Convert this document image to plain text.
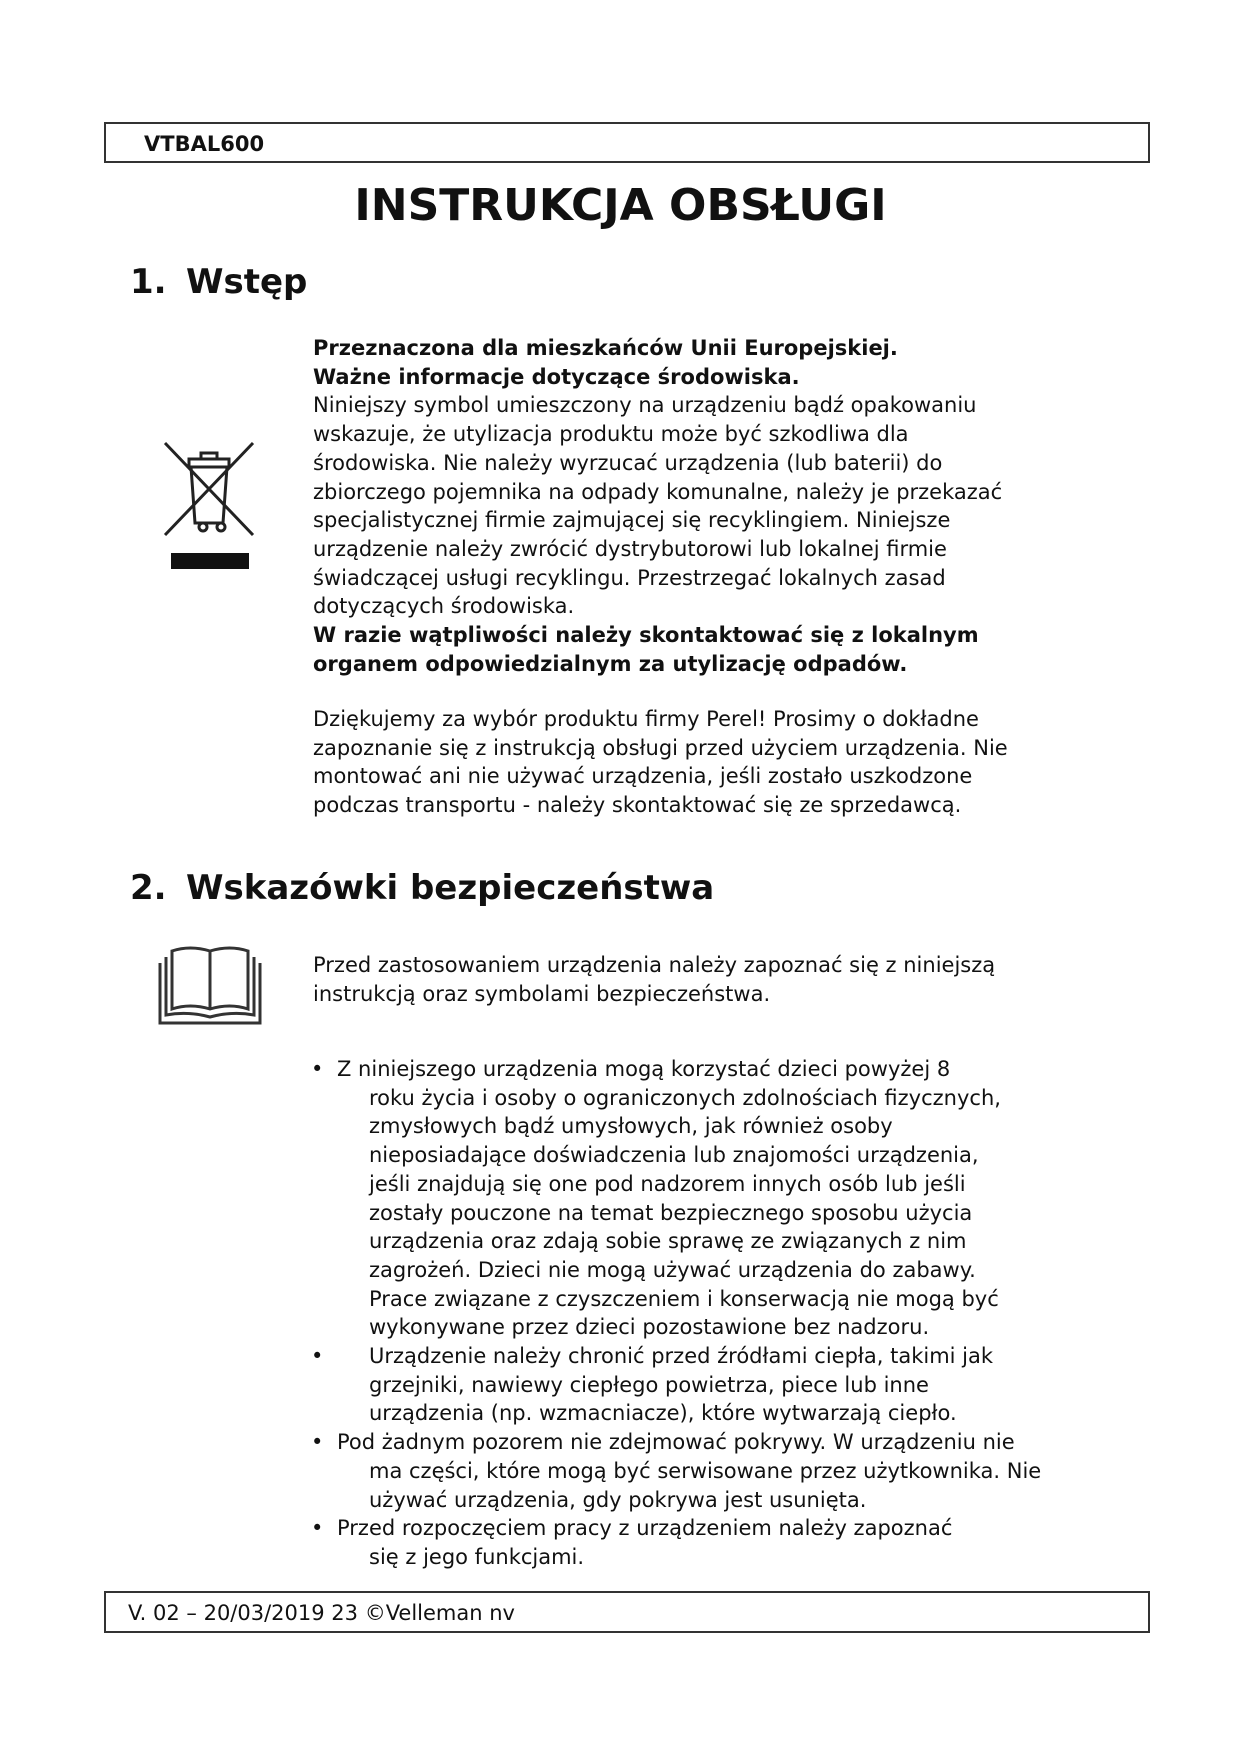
VTBAL600
INSTRUKCJA OBSŁUGI
1. Wstęp
Przeznaczona dla mieszkańców Unii Europejskiej.
Ważne informacje dotyczące środowiska.
Niniejszy symbol umieszczony na urządzeniu bądź opakowaniu
wskazuje, że utylizacja produktu może być szkodliwa dla
środowiska. Nie należy wyrzucać urządzenia (lub baterii) do
zbiorczego pojemnika na odpady komunalne, należy je przekazać
specjalistycznej firmie zajmującej się recyklingiem. Niniejsze
urządzenie należy zwrócić dystrybutorowi lub lokalnej firmie
świadczącej usługi recyklingu. Przestrzegać lokalnych zasad
dotyczących środowiska.
W razie wątpliwości należy skontaktować się z lokalnym
organem odpowiedzialnym za utylizację odpadów.
Dziękujemy za wybór produktu firmy Perel! Prosimy o dokładne
zapoznanie się z instrukcją obsługi przed użyciem urządzenia. Nie
montować ani nie używać urządzenia, jeśli zostało uszkodzone
podczas transportu - należy skontaktować się ze sprzedawcą.
2. Wskazówki bezpieczeństwa
Przed zastosowaniem urządzenia należy zapoznać się z niniejszą
instrukcją oraz symbolami bezpieczeństwa.
• Z niniejszego urządzenia mogą korzystać dzieci powyżej 8
roku życia i osoby o ograniczonych zdolnościach fizycznych,
zmysłowych bądź umysłowych, jak również osoby
nieposiadające doświadczenia lub znajomości urządzenia,
jeśli znajdują się one pod nadzorem innych osób lub jeśli
zostały pouczone na temat bezpiecznego sposobu użycia
urządzenia oraz zdają sobie sprawę ze związanych z nim
zagrożeń. Dzieci nie mogą używać urządzenia do zabawy.
Prace związane z czyszczeniem i konserwacją nie mogą być
wykonywane przez dzieci pozostawione bez nadzoru.
• Urządzenie należy chronić przed źródłami ciepła, takimi jak
grzejniki, nawiewy ciepłego powietrza, piece lub inne
urządzenia (np. wzmacniacze), które wytwarzają ciepło.
• Pod żadnym pozorem nie zdejmować pokrywy. W urządzeniu nie
ma części, które mogą być serwisowane przez użytkownika. Nie
używać urządzenia, gdy pokrywa jest usunięta.
• Przed rozpoczęciem pracy z urządzeniem należy zapoznać
się z jego funkcjami.
V. 02 – 20/03/2019 23 ©Velleman nv
